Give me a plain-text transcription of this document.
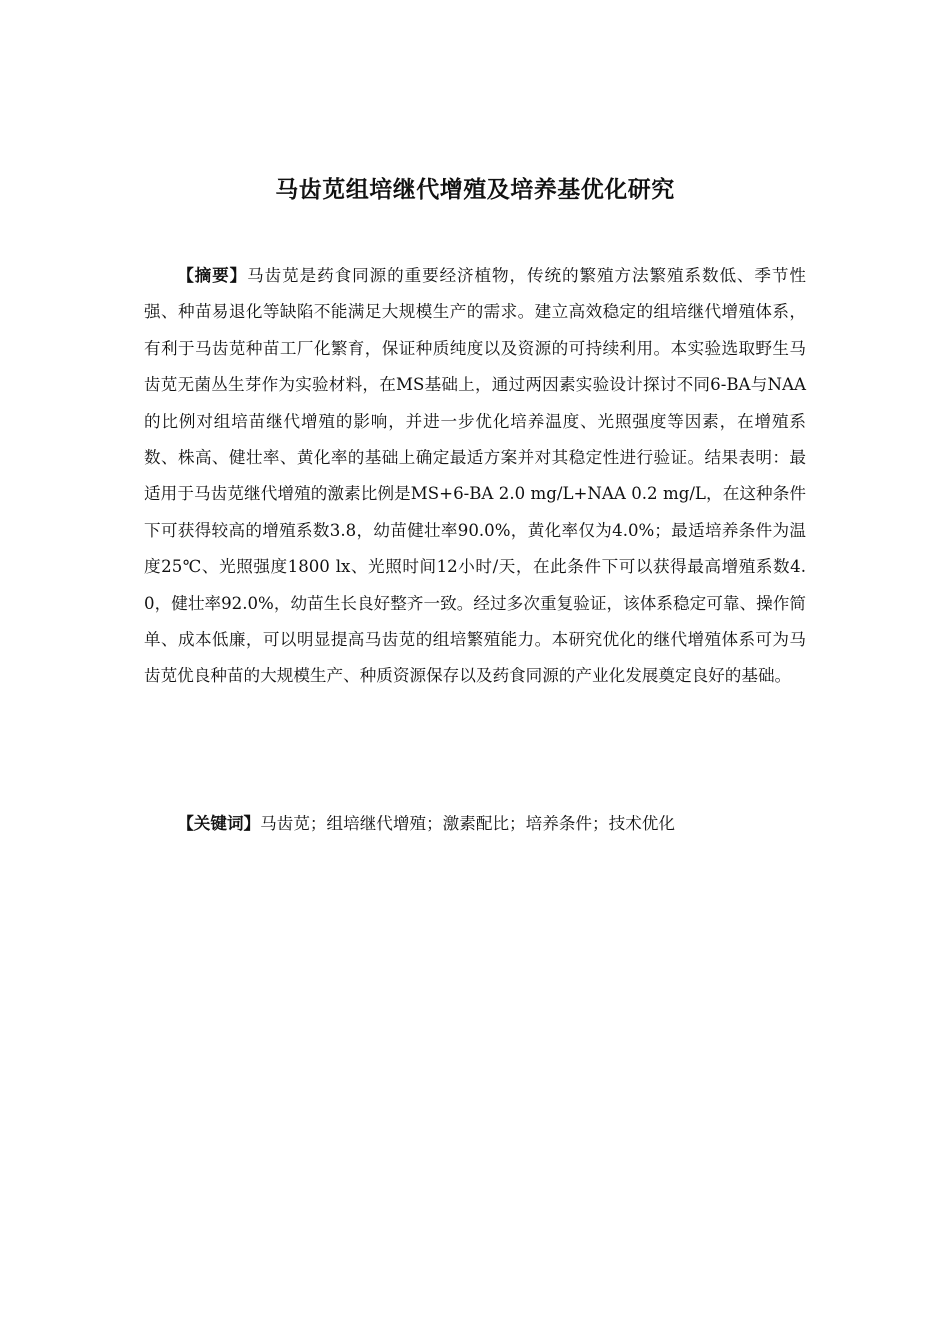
马齿苋组培继代增殖及培养基优化研究

【摘要】马齿苋是药食同源的重要经济植物，传统的繁殖方法繁殖系数低、季节性强、种苗易退化等缺陷不能满足大规模生产的需求。建立高效稳定的组培继代增殖体系，有利于马齿苋种苗工厂化繁育，保证种质纯度以及资源的可持续利用。本实验选取野生马齿苋无菌丛生芽作为实验材料，在MS基础上，通过两因素实验设计探讨不同6-BA与NAA的比例对组培苗继代增殖的影响，并进一步优化培养温度、光照强度等因素，在增殖系数、株高、健壮率、黄化率的基础上确定最适方案并对其稳定性进行验证。结果表明：最适用于马齿苋继代增殖的激素比例是MS+6-BA 2.0 mg/L+NAA 0.2 mg/L，在这种条件下可获得较高的增殖系数3.8，幼苗健壮率90.0%，黄化率仅为4.0%；最适培养条件为温度25℃、光照强度1800 lx、光照时间12小时/天，在此条件下可以获得最高增殖系数4.0，健壮率92.0%，幼苗生长良好整齐一致。经过多次重复验证，该体系稳定可靠、操作简单、成本低廉，可以明显提高马齿苋的组培繁殖能力。本研究优化的继代增殖体系可为马齿苋优良种苗的大规模生产、种质资源保存以及药食同源的产业化发展奠定良好的基础。

【关键词】马齿苋；组培继代增殖；激素配比；培养条件；技术优化
